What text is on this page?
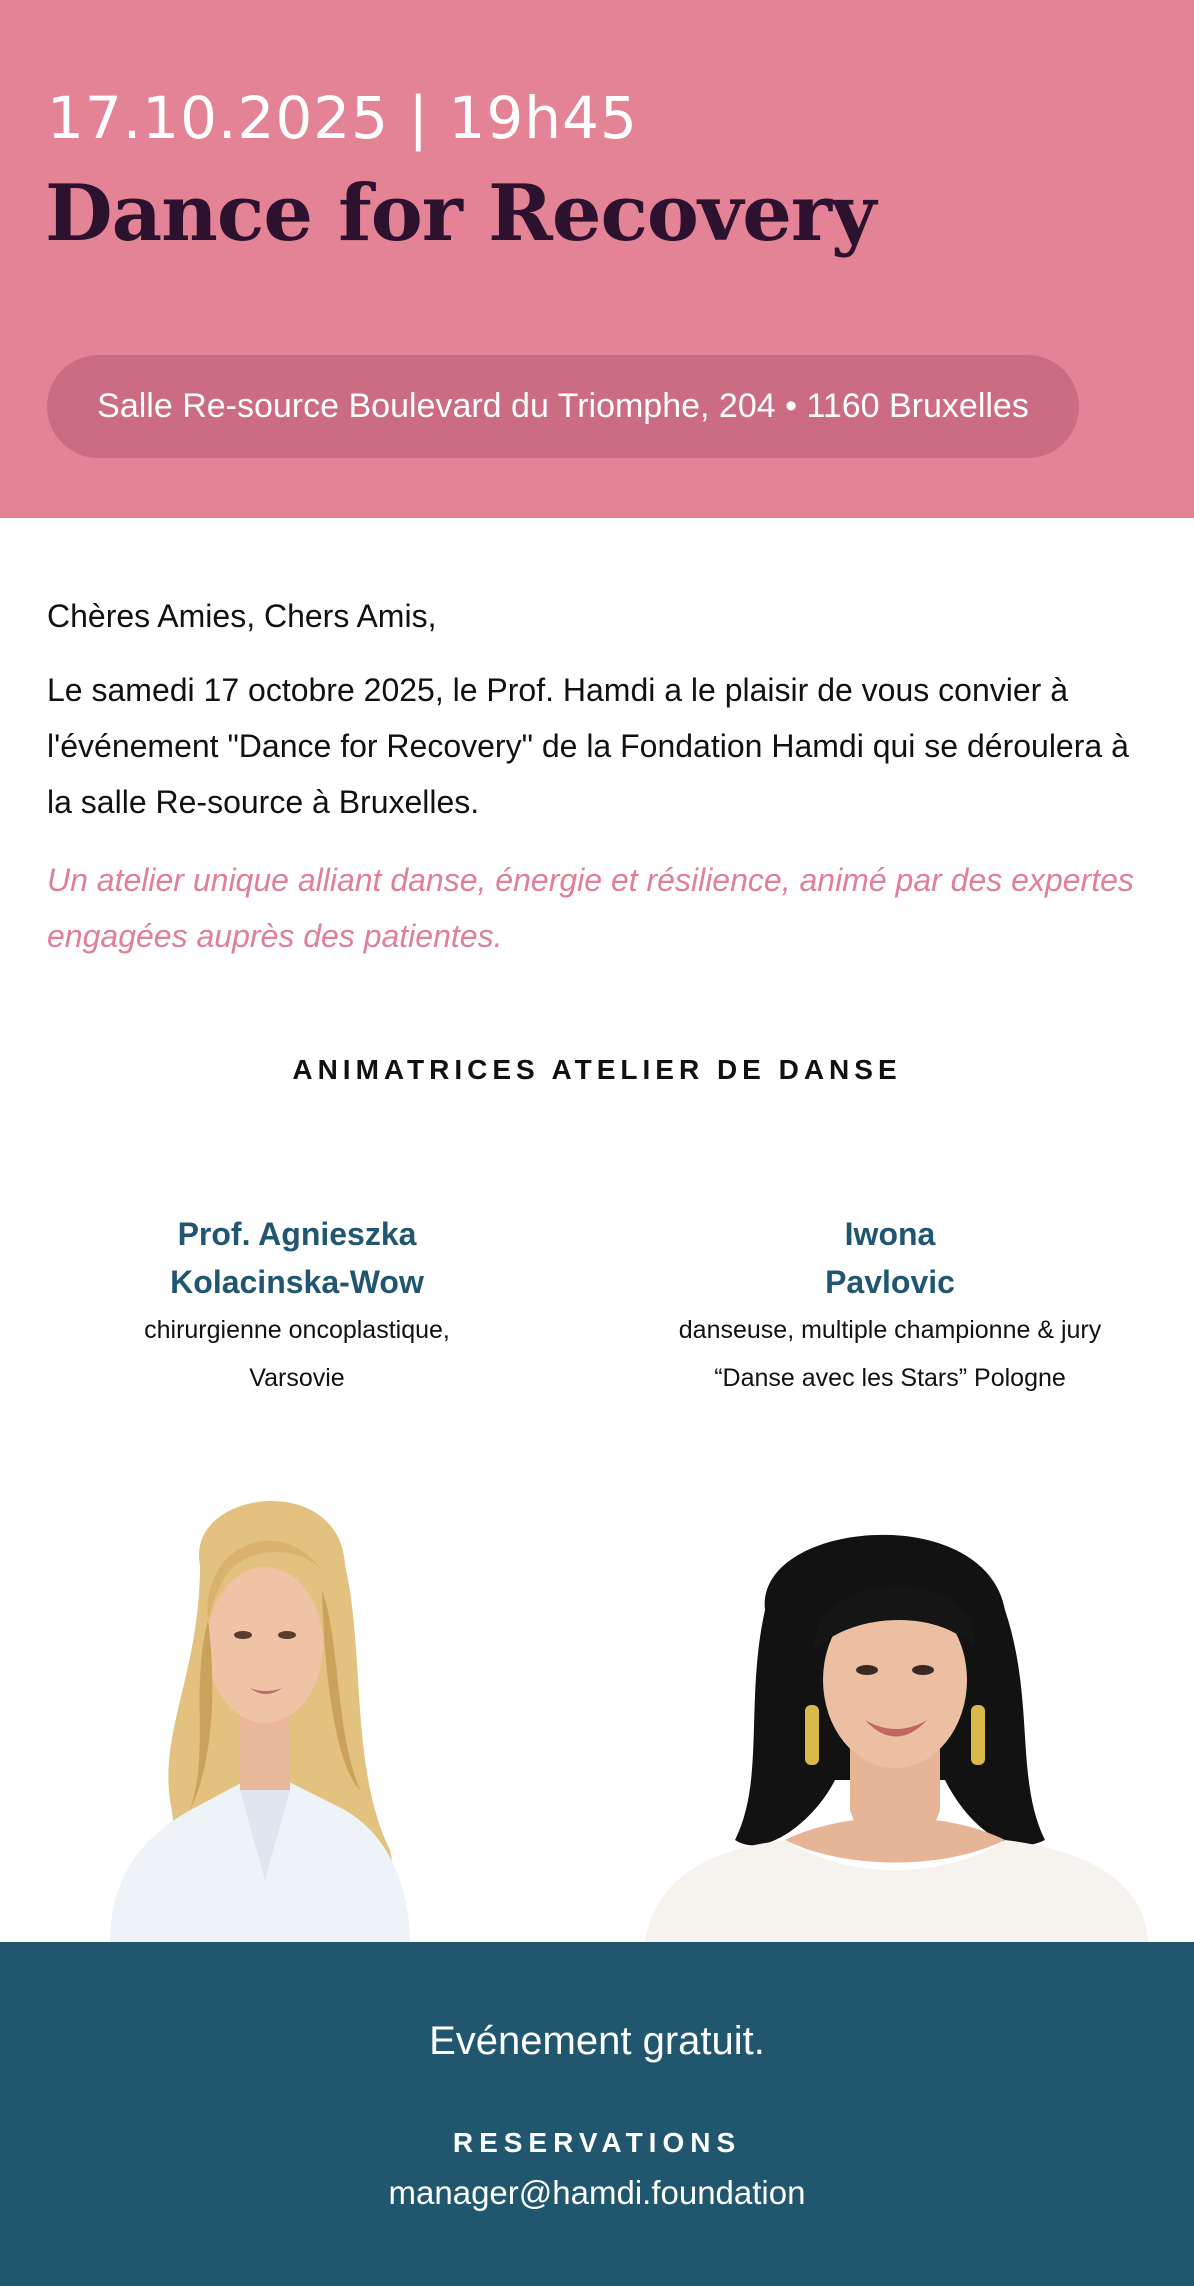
17.10.2025 | 19h45
Dance for Recovery
Salle Re-source Boulevard du Triomphe, 204 • 1160 Bruxelles

Chères Amies, Chers Amis,

Le samedi 17 octobre 2025, le Prof. Hamdi a le plaisir de vous convier à l'événement "Dance for Recovery" de la Fondation Hamdi qui se déroulera à la salle Re-source à Bruxelles.

Un atelier unique alliant danse, énergie et résilience, animé par des expertes engagées auprès des patientes.

ANIMATRICES ATELIER DE DANSE
Prof. Agnieszka
Kolacinska-Wow
chirurgienne oncoplastique,
Varsovie
Iwona
Pavlovic
danseuse, multiple championne & jury
“Danse avec les Stars” Pologne
Evénement gratuit.
RESERVATIONS
manager@hamdi.foundation
